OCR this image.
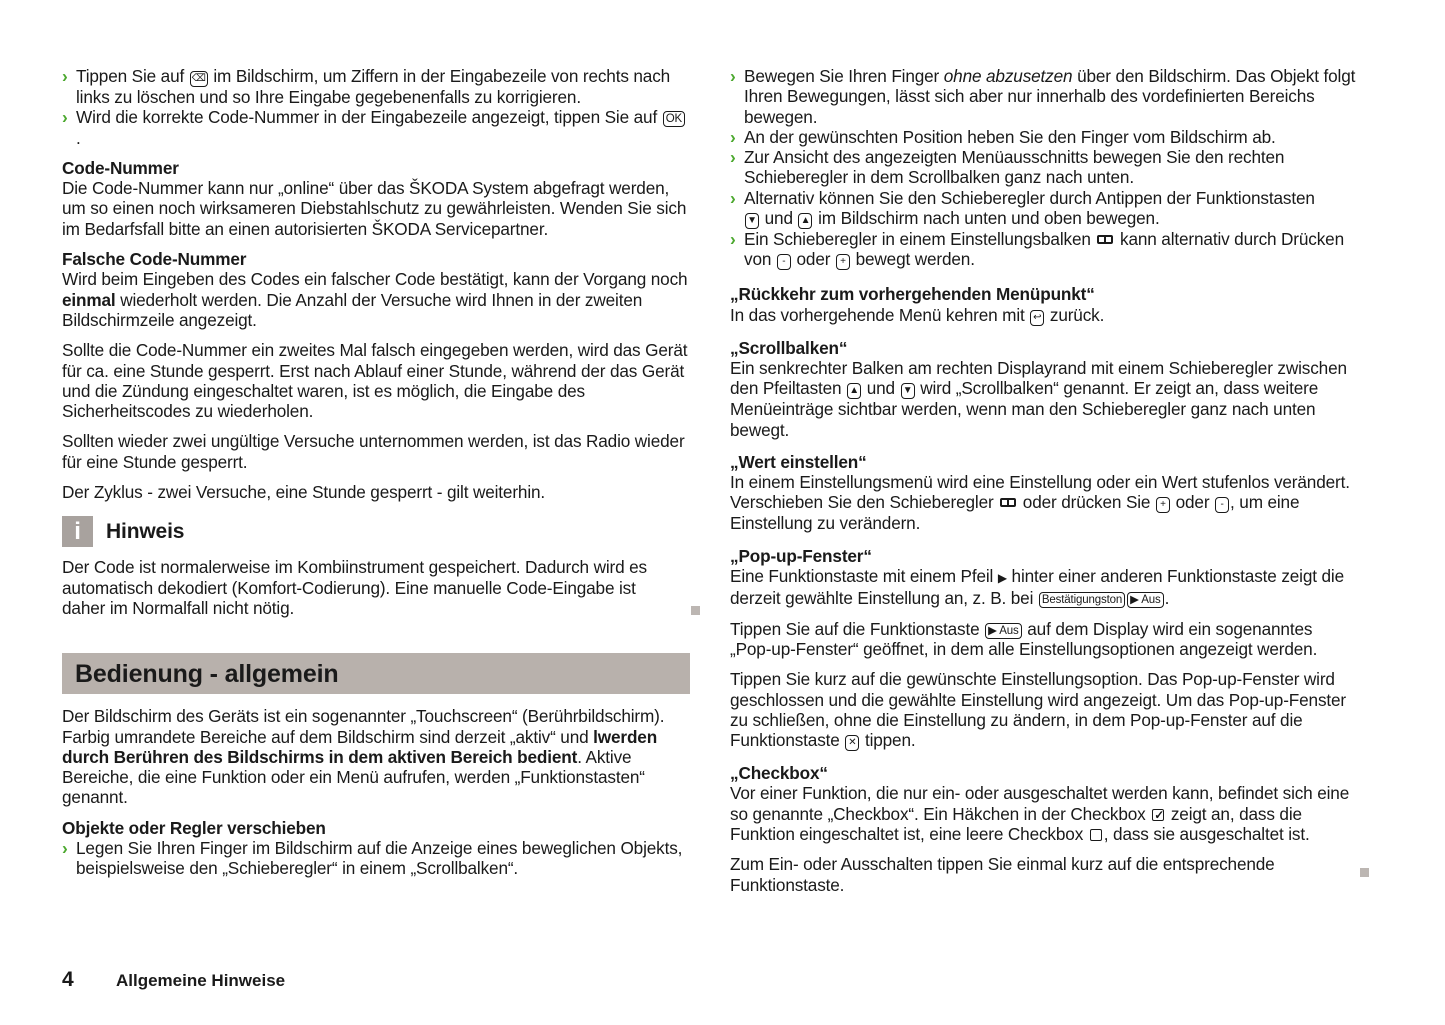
› Tippen Sie auf ⌫ im Bildschirm, um Ziffern in der Eingabezeile von rechts nach links zu löschen und so Ihre Eingabe gegebenenfalls zu korrigieren.
› Wird die korrekte Code-Nummer in der Eingabezeile angezeigt, tippen Sie auf OK.

Code-Nummer

Die Code-Nummer kann nur „online“ über das ŠKODA System abgefragt werden, um so einen noch wirksameren Diebstahlschutz zu gewährleisten. Wenden Sie sich im Bedarfsfall bitte an einen autorisierten ŠKODA Servicepartner.

Falsche Code-Nummer

Wird beim Eingeben des Codes ein falscher Code bestätigt, kann der Vorgang noch einmal wiederholt werden. Die Anzahl der Versuche wird Ihnen in der zweiten Bildschirmzeile angezeigt.

Sollte die Code-Nummer ein zweites Mal falsch eingegeben werden, wird das Gerät für ca. eine Stunde gesperrt. Erst nach Ablauf einer Stunde, während der das Gerät und die Zündung eingeschaltet waren, ist es möglich, die Eingabe des Sicherheitscodes zu wiederholen.

Sollten wieder zwei ungültige Versuche unternommen werden, ist das Radio wieder für eine Stunde gesperrt.

Der Zyklus - zwei Versuche, eine Stunde gesperrt - gilt weiterhin.

i	Hinweis

Der Code ist normalerweise im Kombiinstrument gespeichert. Dadurch wird es automatisch dekodiert (Komfort-Codierung). Eine manuelle Code-Eingabe ist daher im Normalfall nicht nötig.

Bedienung - allgemein

Der Bildschirm des Geräts ist ein sogenannter „Touchscreen“ (Berührbildschirm). Farbig umrandete Bereiche auf dem Bildschirm sind derzeit „aktiv“ und lwerden durch Berühren des Bildschirms in dem aktiven Bereich bedient. Aktive Bereiche, die eine Funktion oder ein Menü aufrufen, werden „Funktionstasten“ genannt.

Objekte oder Regler verschieben

› Legen Sie Ihren Finger im Bildschirm auf die Anzeige eines beweglichen Objekts, beispielsweise den „Schieberegler“ in einem „Scrollbalken“.
› Bewegen Sie Ihren Finger ohne abzusetzen über den Bildschirm. Das Objekt folgt Ihren Bewegungen, lässt sich aber nur innerhalb des vordefinierten Bereichs bewegen.
› An der gewünschten Position heben Sie den Finger vom Bildschirm ab.
› Zur Ansicht des angezeigten Menüausschnitts bewegen Sie den rechten Schieberegler in dem Scrollbalken ganz nach unten.
› Alternativ können Sie den Schieberegler durch Antippen der Funktionstasten
▼ und ▲ im Bildschirm nach unten und oben bewegen.
› Ein Schieberegler in einem Einstellungsbalken  kann alternativ durch Drücken von - oder + bewegt werden.

„Rückkehr zum vorhergehenden Menüpunkt“

In das vorhergehende Menü kehren mit ↩ zurück.

„Scrollbalken“

Ein senkrechter Balken am rechten Displayrand mit einem Schieberegler zwischen den Pfeiltasten ▲ und ▼ wird „Scrollbalken“ genannt. Er zeigt an, dass weitere Menüeinträge sichtbar werden, wenn man den Schieberegler ganz nach unten bewegt.

„Wert einstellen“

In einem Einstellungsmenü wird eine Einstellung oder ein Wert stufenlos verändert. Verschieben Sie den Schieberegler  oder drücken Sie + oder - , um eine Einstellung zu verändern.

„Pop-up-Fenster“

Eine Funktionstaste mit einem Pfeil ▶ hinter einer anderen Funktionstaste zeigt die derzeit gewählte Einstellung an, z. B. bei Bestätigungston ▶ Aus .

Tippen Sie auf die Funktionstaste ▶ Aus auf dem Display wird ein sogenanntes „Pop-up-Fenster“ geöffnet, in dem alle Einstellungsoptionen angezeigt werden.

Tippen Sie kurz auf die gewünschte Einstellungsoption. Das Pop-up-Fenster wird geschlossen und die gewählte Einstellung wird angezeigt. Um das Pop-up-Fenster zu schließen, ohne die Einstellung zu ändern, in dem Pop-up-Fenster auf die Funktionstaste ✕ tippen.

„Checkbox“

Vor einer Funktion, die nur ein- oder ausgeschaltet werden kann, befindet sich eine so genannte „Checkbox“. Ein Häkchen in der Checkbox ✓ zeigt an, dass die Funktion eingeschaltet ist, eine leere Checkbox , dass sie ausgeschaltet ist.

Zum Ein- oder Ausschalten tippen Sie einmal kurz auf die entsprechende Funktionstaste.

4	Allgemeine Hinweise
